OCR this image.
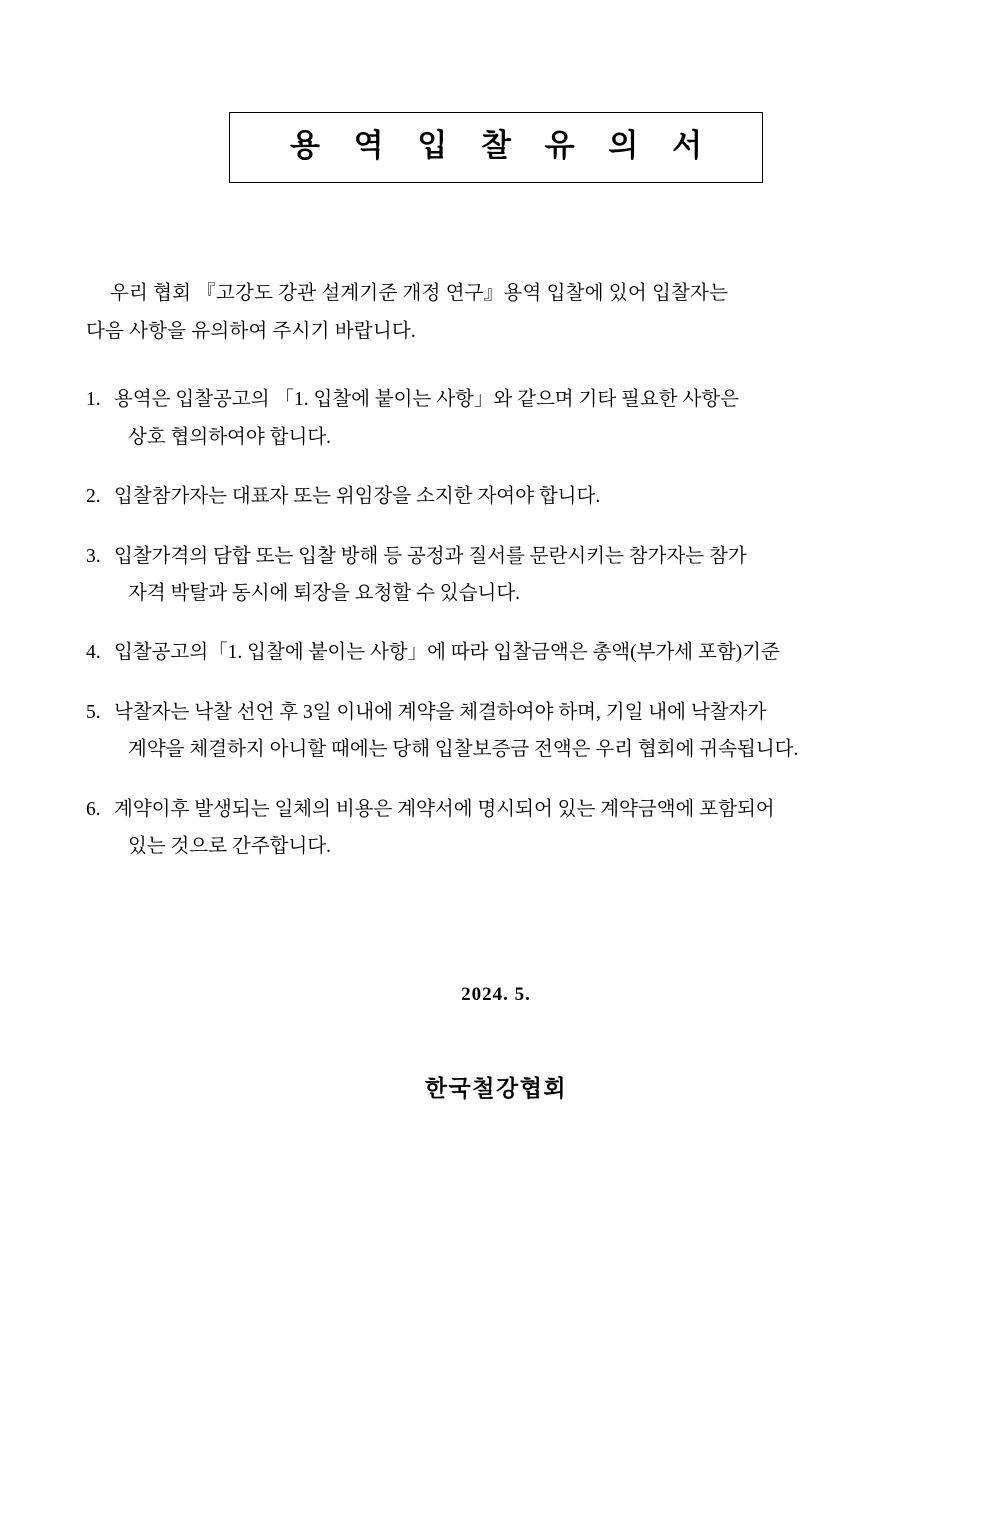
용 역 입 찰 유 의 서
우리 협회 『고강도 강관 설계기준 개정 연구』용역 입찰에 있어 입찰자는
다음 사항을 유의하여 주시기 바랍니다.
1. 용역은 입찰공고의 「1. 입찰에 붙이는 사항」와 같으며 기타 필요한 사항은
상호 협의하여야 합니다.
2. 입찰참가자는 대표자 또는 위임장을 소지한 자여야 합니다.
3. 입찰가격의 담합 또는 입찰 방해 등 공정과 질서를 문란시키는 참가자는 참가
자격 박탈과 동시에 퇴장을 요청할 수 있습니다.
4. 입찰공고의「1. 입찰에 붙이는 사항」에 따라 입찰금액은 총액(부가세 포함)기준
5. 낙찰자는 낙찰 선언 후 3일 이내에 계약을 체결하여야 하며, 기일 내에 낙찰자가
계약을 체결하지 아니할 때에는 당해 입찰보증금 전액은 우리 협회에 귀속됩니다.
6. 계약이후 발생되는 일체의 비용은 계약서에 명시되어 있는 계약금액에 포함되어
있는 것으로 간주합니다.
2024. 5.
한국철강협회
